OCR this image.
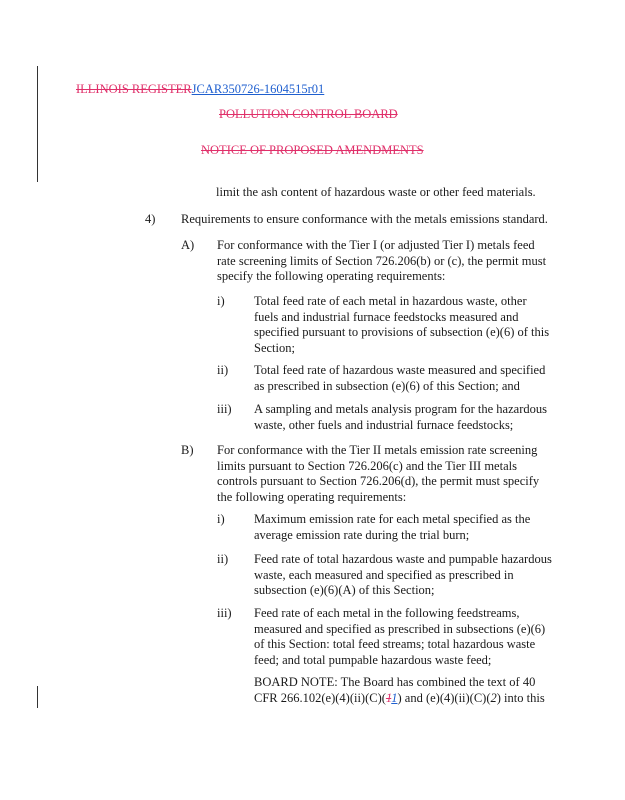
ILLINOIS REGISTERJCAR350726-1604515r01
POLLUTION CONTROL BOARD
NOTICE OF PROPOSED AMENDMENTS
limit the ash content of hazardous waste or other feed materials.
4) Requirements to ensure conformance with the metals emissions standard.
A) For conformance with the Tier I (or adjusted Tier I) metals feed
rate screening limits of Section 726.206(b) or (c), the permit must
specify the following operating requirements:
i) Total feed rate of each metal in hazardous waste, other
fuels and industrial furnace feedstocks measured and
specified pursuant to provisions of subsection (e)(6) of this
Section;
ii) Total feed rate of hazardous waste measured and specified
as prescribed in subsection (e)(6) of this Section; and
iii) A sampling and metals analysis program for the hazardous
waste, other fuels and industrial furnace feedstocks;
B) For conformance with the Tier II metals emission rate screening
limits pursuant to Section 726.206(c) and the Tier III metals
controls pursuant to Section 726.206(d), the permit must specify
the following operating requirements:
i) Maximum emission rate for each metal specified as the
average emission rate during the trial burn;
ii) Feed rate of total hazardous waste and pumpable hazardous
waste, each measured and specified as prescribed in
subsection (e)(6)(A) of this Section;
iii) Feed rate of each metal in the following feedstreams,
measured and specified as prescribed in subsections (e)(6)
of this Section: total feed streams; total hazardous waste
feed; and total pumpable hazardous waste feed;
BOARD NOTE: The Board has combined the text of 40
CFR 266.102(e)(4)(ii)(C)(11) and (e)(4)(ii)(C)(2) into this
